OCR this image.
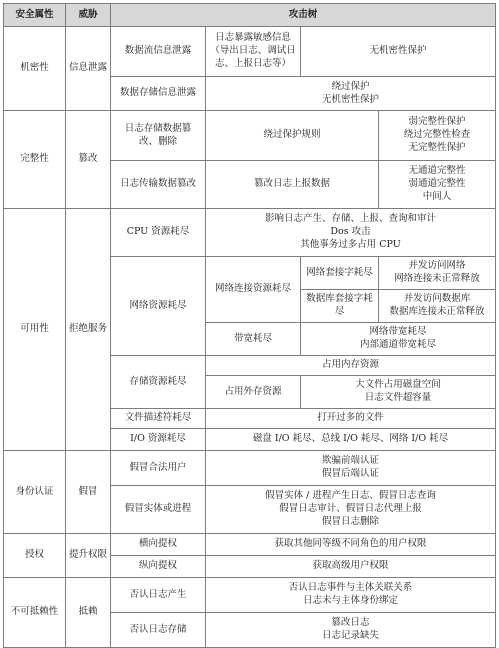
安全属性	威胁	攻击树			
机密性	信息泄露	数据流信息泄露	日志暴露敏感信息
（导出日志、调试日
志、上报日志等）	无机密性保护	
		数据存储信息泄露	绕过保护
无机密性保护		
完整性	篡改	日志存储数据篡
改、删除	绕过保护规则		弱完整性保护
绕过完整性检查
无完整性保护
		日志传输数据篡改	篡改日志上报数据		无通道完整性
弱通道完整性
中间人
可用性	拒绝服务	CPU 资源耗尽	影响日志产生、存储、上报、查询和审计
Dos 攻击
其他事务过多占用 CPU		
		网络资源耗尽	网络连接资源耗尽	网络套接字耗尽	并发访问网络
网络连接未正常释放
				数据库套接字耗尽	并发访问数据库
数据库连接未正常释放
			带宽耗尽	网络带宽耗尽
内部通道带宽耗尽	
		存储资源耗尽	占用内存资源		
			占用外存资源	大文件占用磁盘空间
日志文件超容量	
		文件描述符耗尽	打开过多的文件		
		I/O 资源耗尽	磁盘 I/O 耗尽、总线 I/O 耗尽、网络 I/O 耗尽		
身份认证	假冒	假冒合法用户	欺骗前端认证
假冒后端认证		
		假冒实体或进程	假冒实体 / 进程产生日志、假冒日志查询
假冒日志审计、假冒日志代理上报
假冒日志删除		
授权	提升权限	横向提权	获取其他同等级不同角色的用户权限		
		纵向提权	获取高级用户权限		
不可抵赖性	抵赖	否认日志产生	否认日志事件与主体关联关系
日志未与主体身份绑定		
		否认日志存储	篡改日志
日志记录缺失		
